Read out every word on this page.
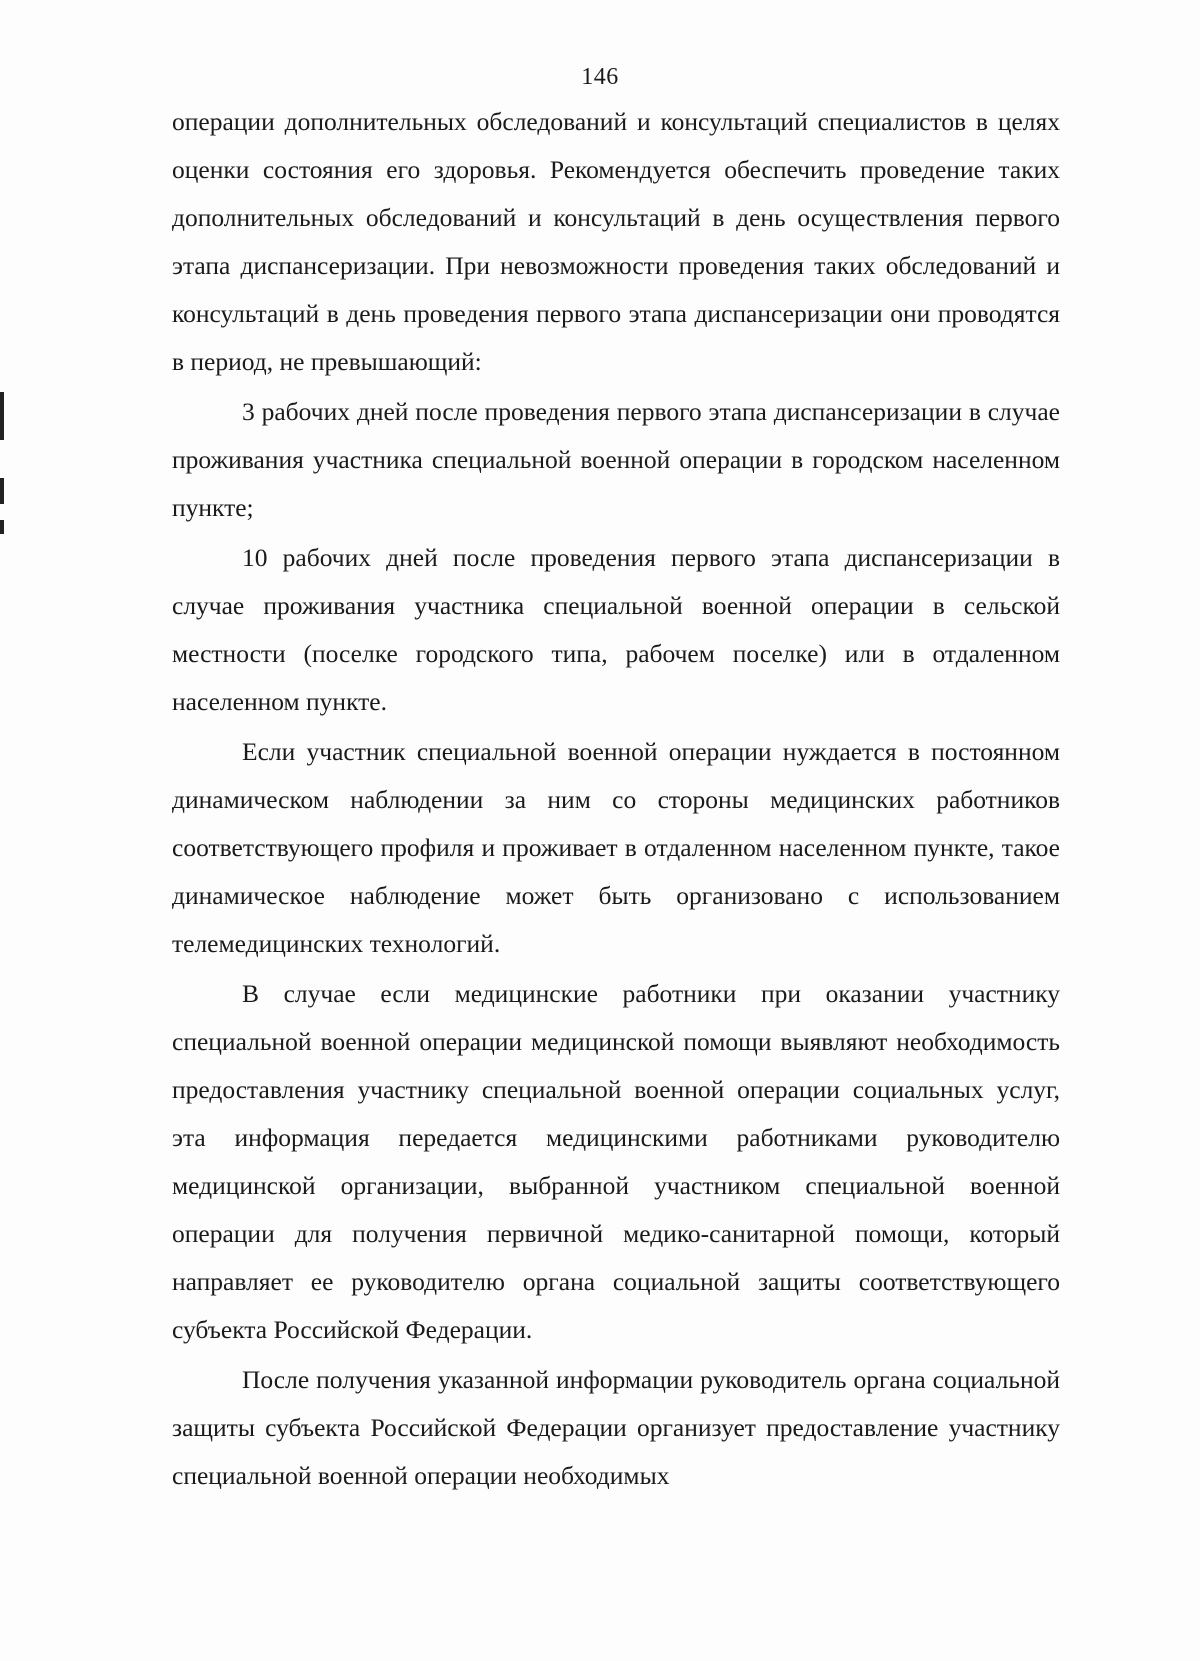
146

операции дополнительных обследований и консультаций специалистов в целях оценки состояния его здоровья. Рекомендуется обеспечить проведение таких дополнительных обследований и консультаций в день осуществления первого этапа диспансеризации. При невозможности проведения таких обследований и консультаций в день проведения первого этапа диспансеризации они проводятся в период, не превышающий:

3 рабочих дней после проведения первого этапа диспансеризации в случае проживания участника специальной военной операции в городском населенном пункте;

10 рабочих дней после проведения первого этапа диспансеризации в случае проживания участника специальной военной операции в сельской местности (поселке городского типа, рабочем поселке) или в отдаленном населенном пункте.

Если участник специальной военной операции нуждается в постоянном динамическом наблюдении за ним со стороны медицинских работников соответствующего профиля и проживает в отдаленном населенном пункте, такое динамическое наблюдение может быть организовано с использованием телемедицинских технологий.

В случае если медицинские работники при оказании участнику специальной военной операции медицинской помощи выявляют необходимость предоставления участнику специальной военной операции социальных услуг, эта информация передается медицинскими работниками руководителю медицинской организации, выбранной участником специальной военной операции для получения первичной медико-санитарной помощи, который направляет ее руководителю органа социальной защиты соответствующего субъекта Российской Федерации.

После получения указанной информации руководитель органа социальной защиты субъекта Российской Федерации организует предоставление участнику специальной военной операции необходимых
